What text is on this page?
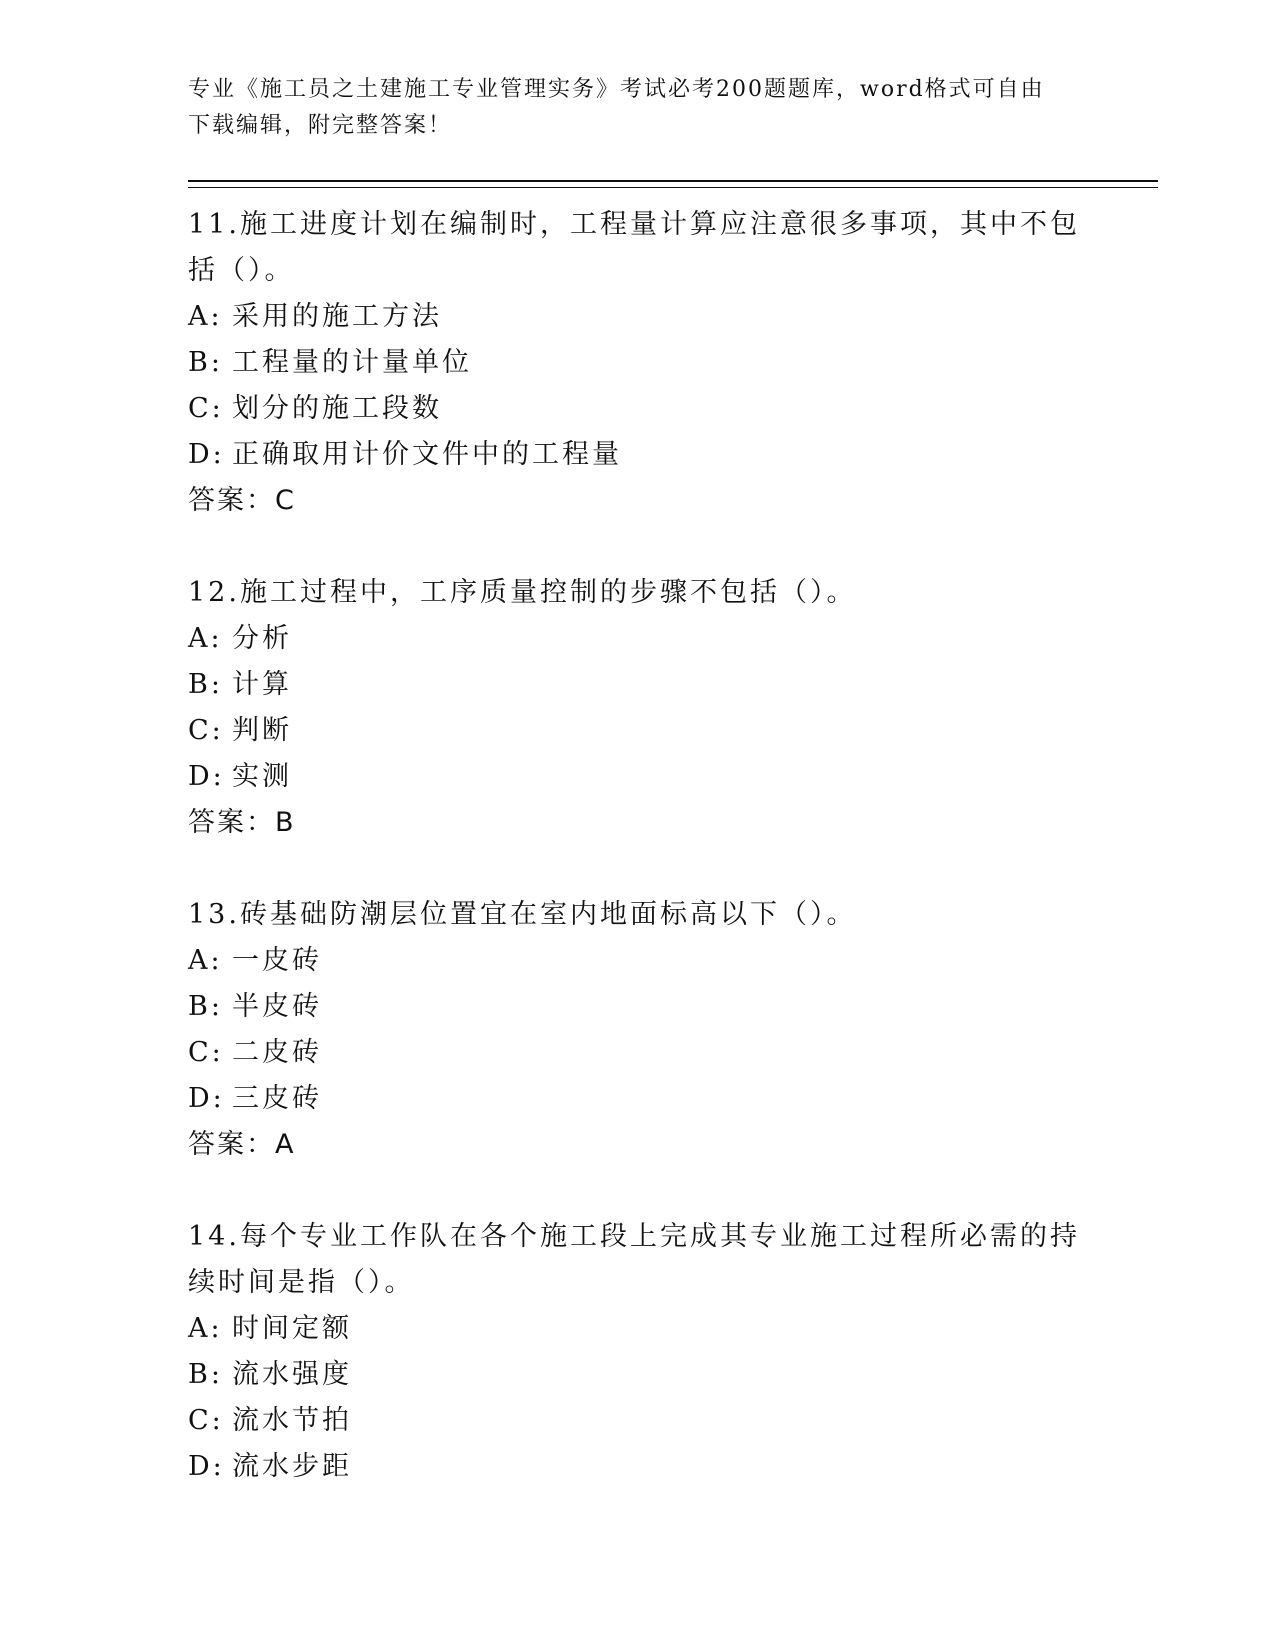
专业《施工员之土建施工专业管理实务》考试必考200题题库，word格式可自由下载编辑，附完整答案！

11.施工进度计划在编制时，工程量计算应注意很多事项，其中不包括（）。

A: 采用的施工方法

B: 工程量的计量单位

C: 划分的施工段数

D: 正确取用计价文件中的工程量

答案：C

12.施工过程中，工序质量控制的步骤不包括（）。

A: 分析

B: 计算

C: 判断

D: 实测

答案：B

13.砖基础防潮层位置宜在室内地面标高以下（）。

A: 一皮砖

B: 半皮砖

C: 二皮砖

D: 三皮砖

答案：A

14.每个专业工作队在各个施工段上完成其专业施工过程所必需的持续时间是指（）。

A: 时间定额

B: 流水强度

C: 流水节拍

D: 流水步距
